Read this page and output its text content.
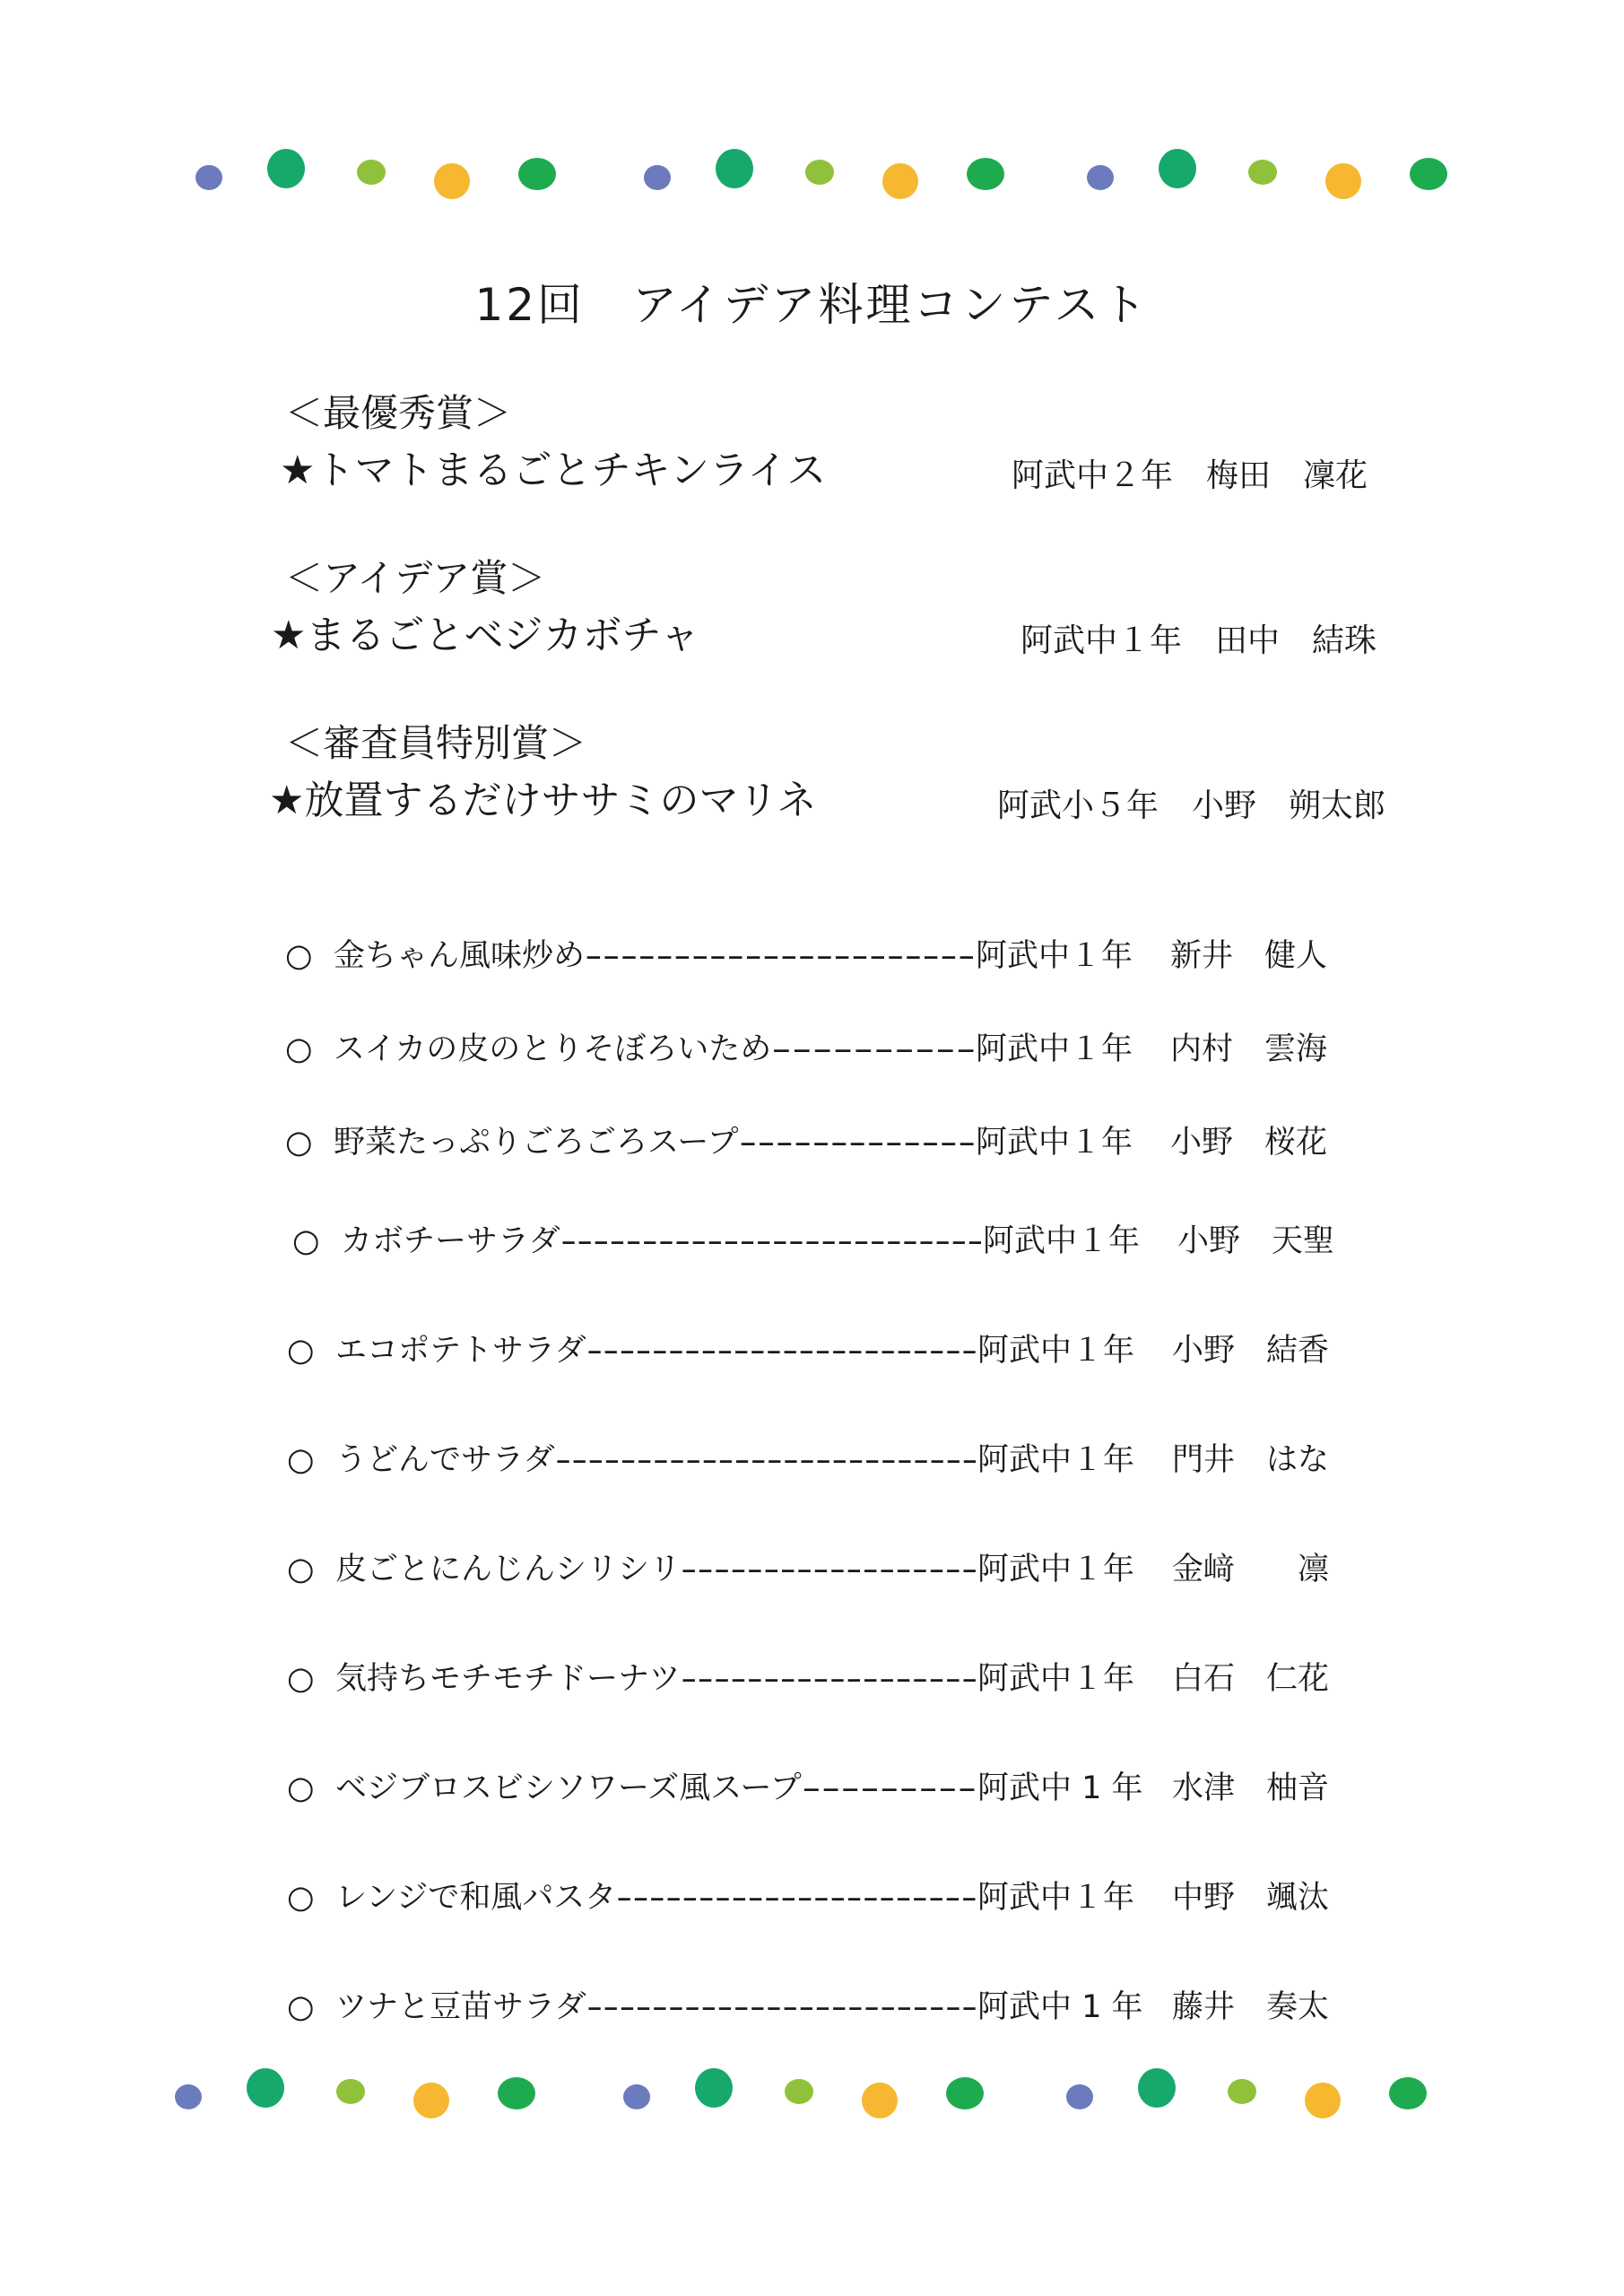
12回　アイデア料理コンテスト
＜最優秀賞＞
★トマトまるごとチキンライス	阿武中２年 梅田　凜花
＜アイデア賞＞
★まるごとベジカボチャ	阿武中１年 田中　結珠
＜審査員特別賞＞
★放置するだけササミのマリネ	阿武小５年 小野　朔太郎
○ 金ちゃん風味炒め ---------------------- 阿武中１年 新井　健人
○ スイカの皮のとりそぼろいため ---------- 阿武中１年 内村　雲海
○ 野菜たっぷりごろごろスープ ------------- 阿武中１年 小野　桜花
○ カボチーサラダ -------------------------- 阿武中１年 小野　天聖
○ エコポテトサラダ ------------------------ 阿武中１年 小野　結香
○ うどんでサラダ -------------------------- 阿武中１年 門井　はな
○ 皮ごとにんじんシリシリ ------------------ 阿武中１年 金﨑　　凛
○ 気持ちモチモチドーナツ ------------------ 阿武中１年 白石　仁花
○ ベジブロスビシソワーズ風スープ --------- 阿武中 1 年 水津　柚音
○ レンジで和風パスタ ---------------------- 阿武中１年 中野　颯汰
○ ツナと豆苗サラダ ------------------------ 阿武中 1 年 藤井　奏太
